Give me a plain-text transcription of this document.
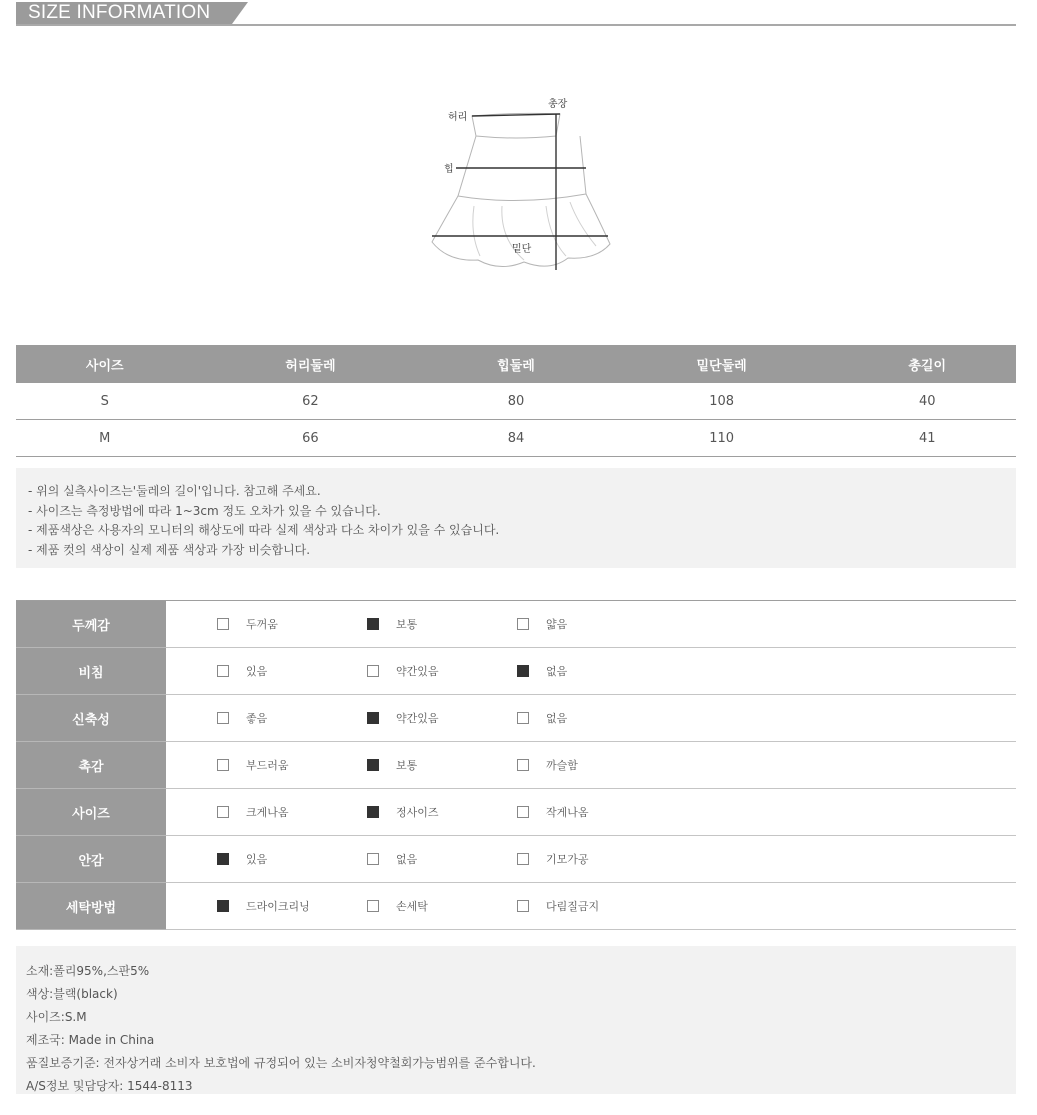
SIZE INFORMATION
허리
총장
힙
밑단
사이즈	허리둘레	힙둘레	밑단둘레	총길이
S	62	80	108	40
M	66	84	110	41

- 위의 실측사이즈는'둘레의 길이'입니다. 참고해 주세요.

- 사이즈는 측정방법에 따라 1~3cm 정도 오차가 있을 수 있습니다.

- 제품색상은 사용자의 모니터의 해상도에 따라 실제 색상과 다소 차이가 있을 수 있습니다.

- 제품 컷의 색상이 실제 제품 색상과 가장 비슷합니다.

두께감	두꺼움 보통 얇음

비침	있음 약간있음 없음

신축성	좋음 약간있음 없음

촉감	부드러움 보통 까슬함

사이즈	크게나옴 정사이즈 작게나옴

안감	있음 없음 기모가공

세탁방법	드라이크리닝 손세탁 다림질금지

소재:폴리95%,스판5%

색상:블랙(black)

사이즈:S.M

제조국: Made in China

품질보증기준: 전자상거래 소비자 보호법에 규정되어 있는 소비자청약철회가능범위를 준수합니다.

A/S정보 및담당자: 1544-8113
